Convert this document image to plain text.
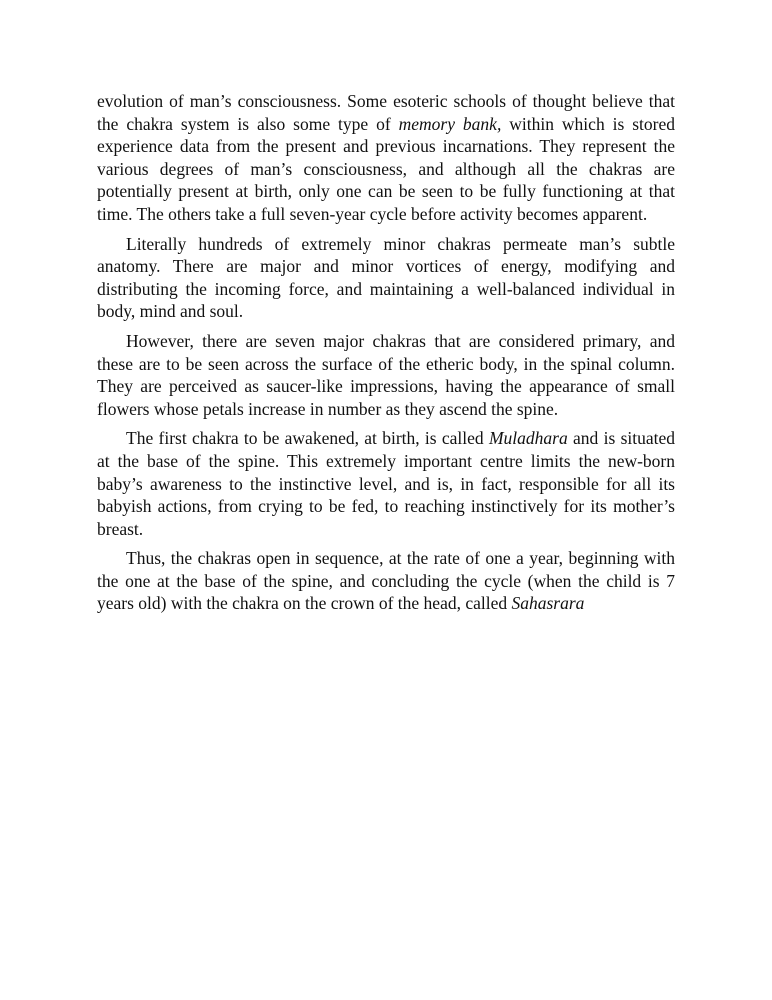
evolution of man’s consciousness. Some esoteric schools of thought believe that the chakra system is also some type of memory bank, within which is stored experience data from the present and previous incarnations. They represent the various degrees of man’s consciousness, and although all the chakras are potentially present at birth, only one can be seen to be fully functioning at that time. The others take a full seven-year cycle before activity becomes apparent.

Literally hundreds of extremely minor chakras permeate man’s subtle anatomy. There are major and minor vortices of energy, modifying and distributing the incoming force, and maintaining a well-balanced individual in body, mind and soul.

However, there are seven major chakras that are considered primary, and these are to be seen across the surface of the etheric body, in the spinal column. They are perceived as saucer-like impressions, having the appearance of small flowers whose petals increase in number as they ascend the spine.

The first chakra to be awakened, at birth, is called Muladhara and is situated at the base of the spine. This extremely important centre limits the new-born baby’s awareness to the instinctive level, and is, in fact, responsible for all its babyish actions, from crying to be fed, to reaching instinctively for its mother’s breast.

Thus, the chakras open in sequence, at the rate of one a year, beginning with the one at the base of the spine, and concluding the cycle (when the child is 7 years old) with the chakra on the crown of the head, called Sahasrara
